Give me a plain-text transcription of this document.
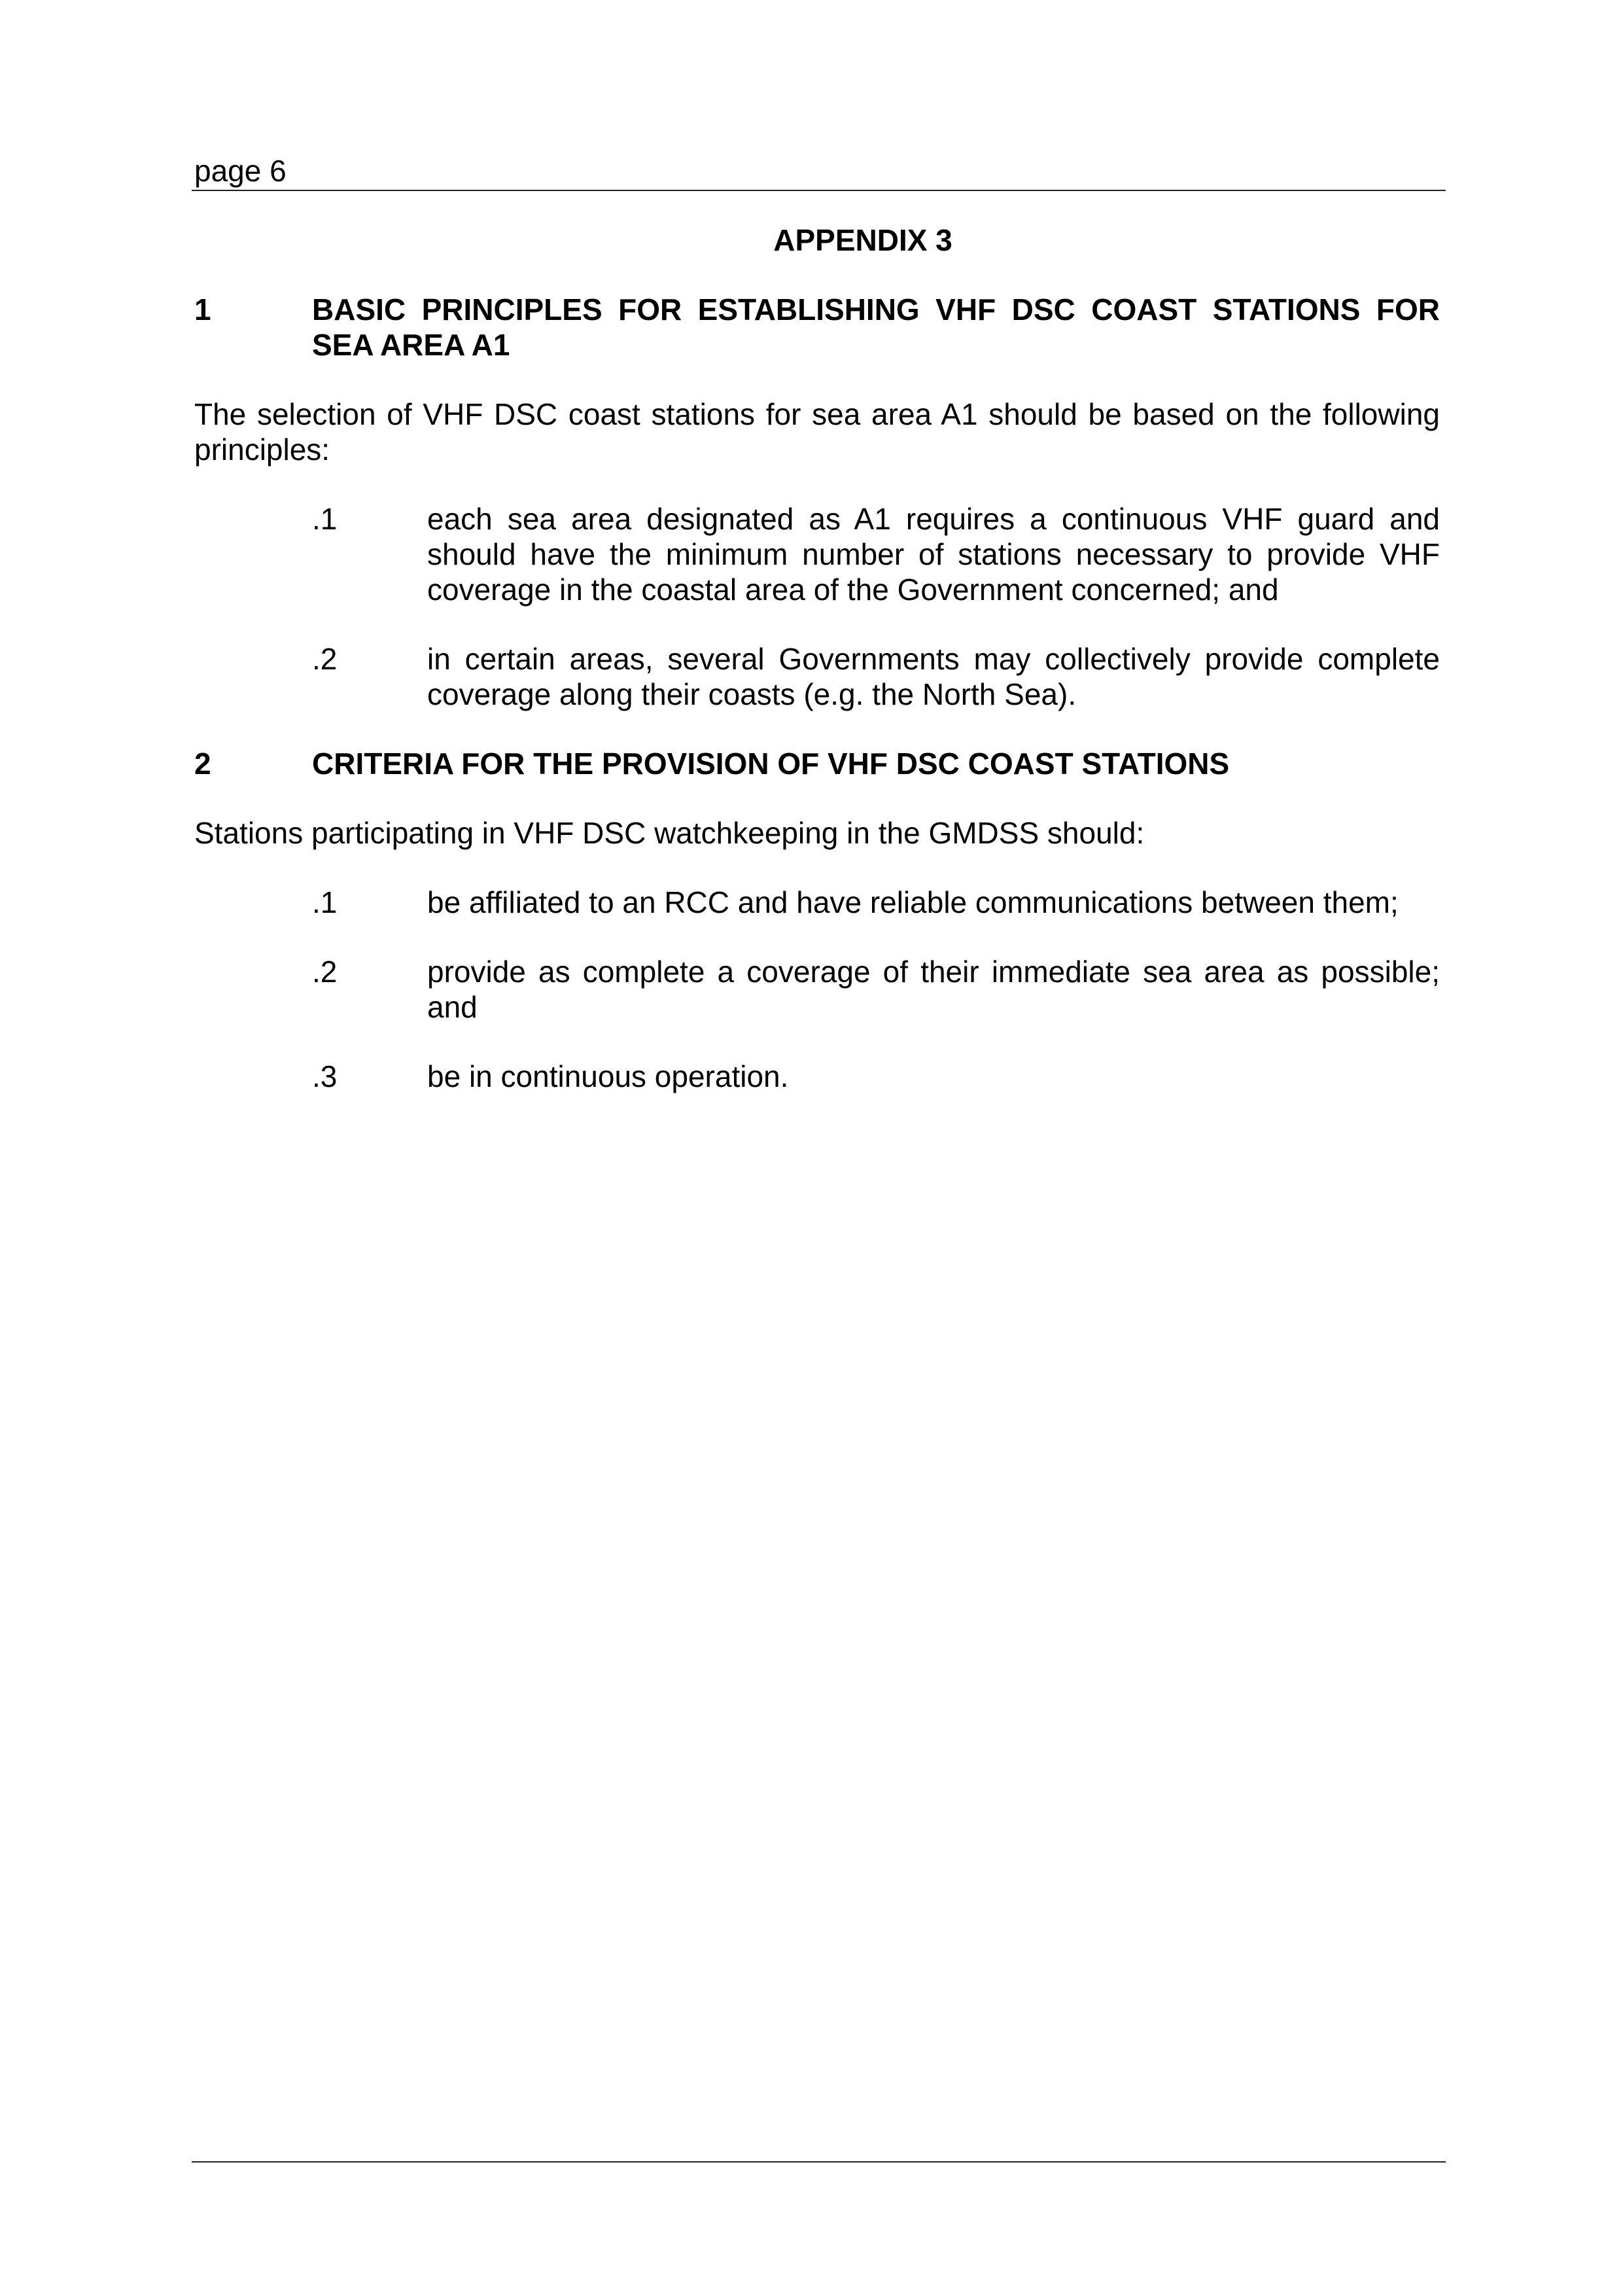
page 6
APPENDIX 3
1	BASIC PRINCIPLES FOR ESTABLISHING VHF DSC COAST STATIONS FOR SEA AREA A1
The selection of VHF DSC coast stations for sea area A1 should be based on the following principles:
.1	each sea area designated as A1 requires a continuous VHF guard and should have the minimum number of stations necessary to provide VHF coverage in the coastal area of the Government concerned; and
.2	in certain areas, several Governments may collectively provide complete coverage along their coasts (e.g. the North Sea).
2	CRITERIA FOR THE PROVISION OF VHF DSC COAST STATIONS
Stations participating in VHF DSC watchkeeping in the GMDSS should:
.1	be affiliated to an RCC and have reliable communications between them;
.2	provide as complete a coverage of their immediate sea area as possible; and
.3	be in continuous operation.
